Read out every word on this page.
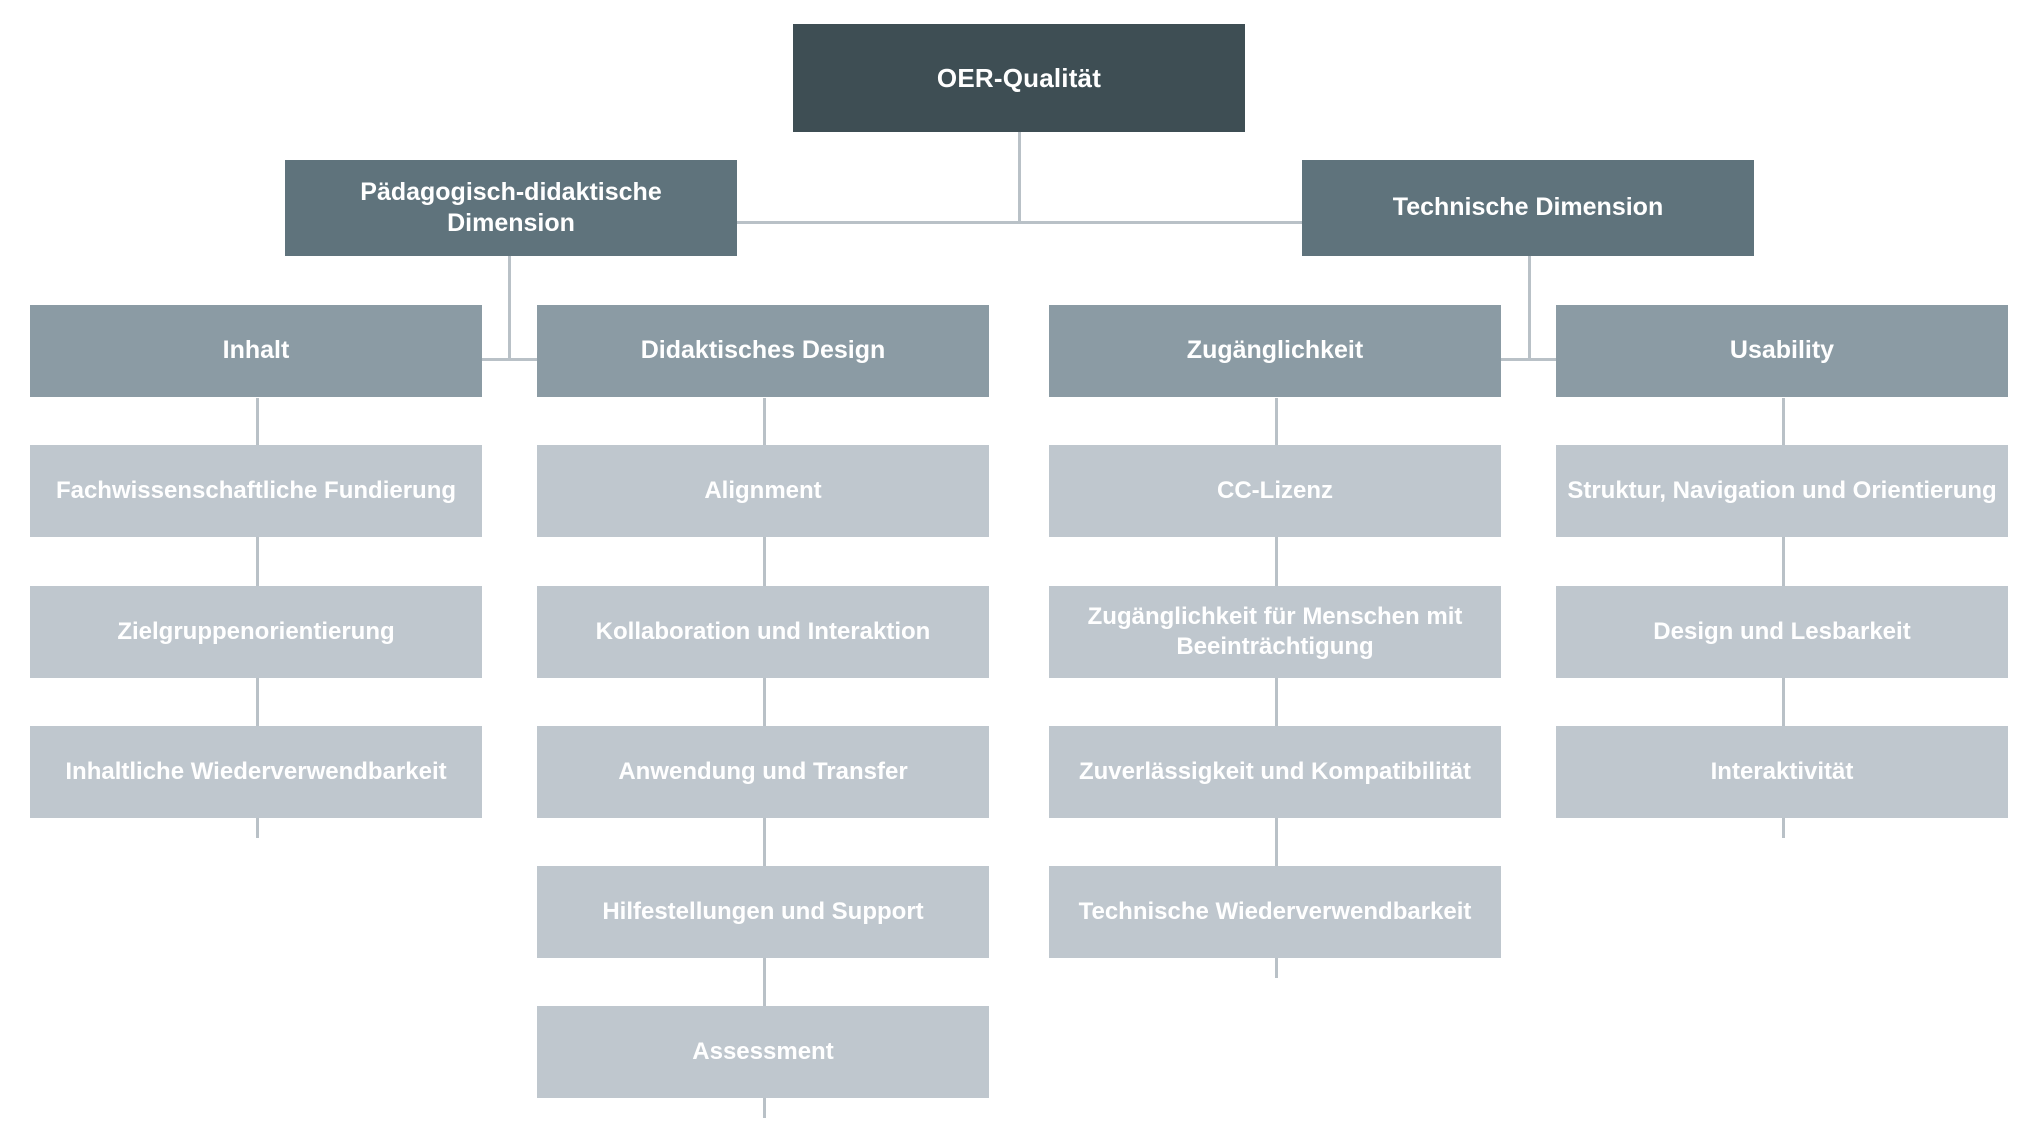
OER-Qualität
Pädagogisch-didaktische Dimension
Technische Dimension
Inhalt	Didaktisches Design	Zugänglichkeit	Usability
Fachwissenschaftliche Fundierung
Zielgruppenorientierung
Inhaltliche Wiederverwendbarkeit
Alignment
Kollaboration und Interaktion
Anwendung und Transfer
Hilfestellungen und Support
Assessment
CC-Lizenz
Zugänglichkeit für Menschen mit Beeinträchtigung
Zuverlässigkeit und Kompatibilität
Technische Wiederverwendbarkeit
Struktur, Navigation und Orientierung
Design und Lesbarkeit
Interaktivität
